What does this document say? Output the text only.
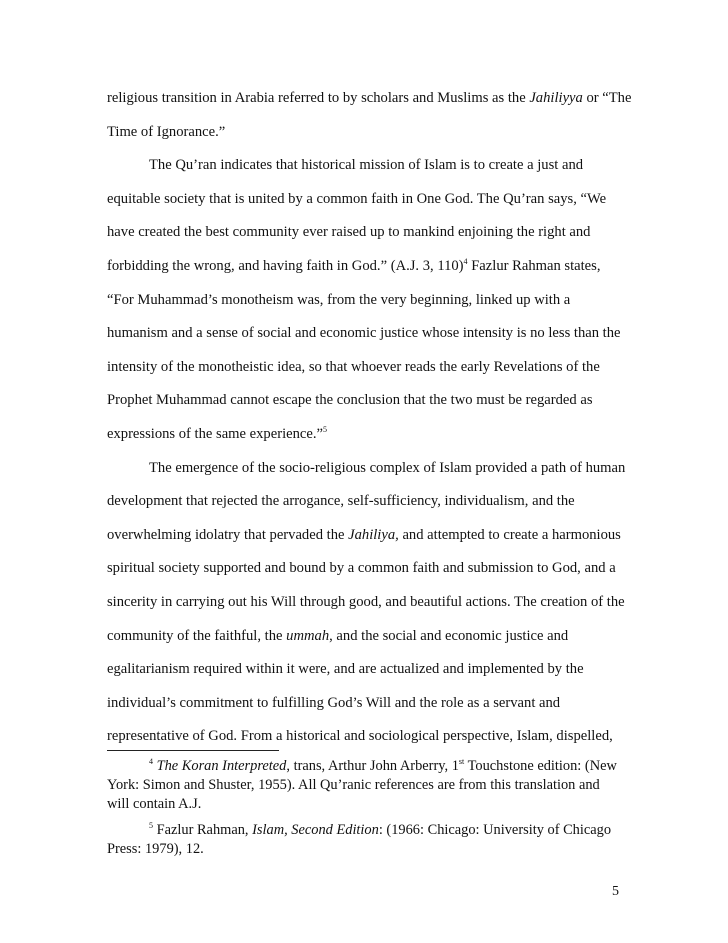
religious transition in Arabia referred to by scholars and Muslims as the Jahiliyya or “The
Time of Ignorance.”
The Qu’ran indicates that historical mission of Islam is to create a just and
equitable society that is united by a common faith in One God. The Qu’ran says, “We
have created the best community ever raised up to mankind enjoining the right and
forbidding the wrong, and having faith in God.” (A.J. 3, 110)$^4$ Fazlur Rahman states,
“For Muhammad’s monotheism was, from the very beginning, linked up with a
humanism and a sense of social and economic justice whose intensity is no less than the
intensity of the monotheistic idea, so that whoever reads the early Revelations of the
Prophet Muhammad cannot escape the conclusion that the two must be regarded as
expressions of the same experience.”$^5$
The emergence of the socio-religious complex of Islam provided a path of human
development that rejected the arrogance, self-sufficiency, individualism, and the
overwhelming idolatry that pervaded the Jahiliya, and attempted to create a harmonious
spiritual society supported and bound by a common faith and submission to God, and a
sincerity in carrying out his Will through good, and beautiful actions. The creation of the
community of the faithful, the ummah, and the social and economic justice and
egalitarianism required within it were, and are actualized and implemented by the
individual’s commitment to fulfilling God’s Will and the role as a servant and
representative of God. From a historical and sociological perspective, Islam, dispelled,
$^4$ The Koran Interpreted, trans, Arthur John Arberry, 1st Touchstone edition: (New
York: Simon and Shuster, 1955). All Qu’ranic references are from this translation and
will contain A.J.
$^5$ Fazlur Rahman, Islam, Second Edition: (1966: Chicago: University of Chicago
Press: 1979), 12.
5
